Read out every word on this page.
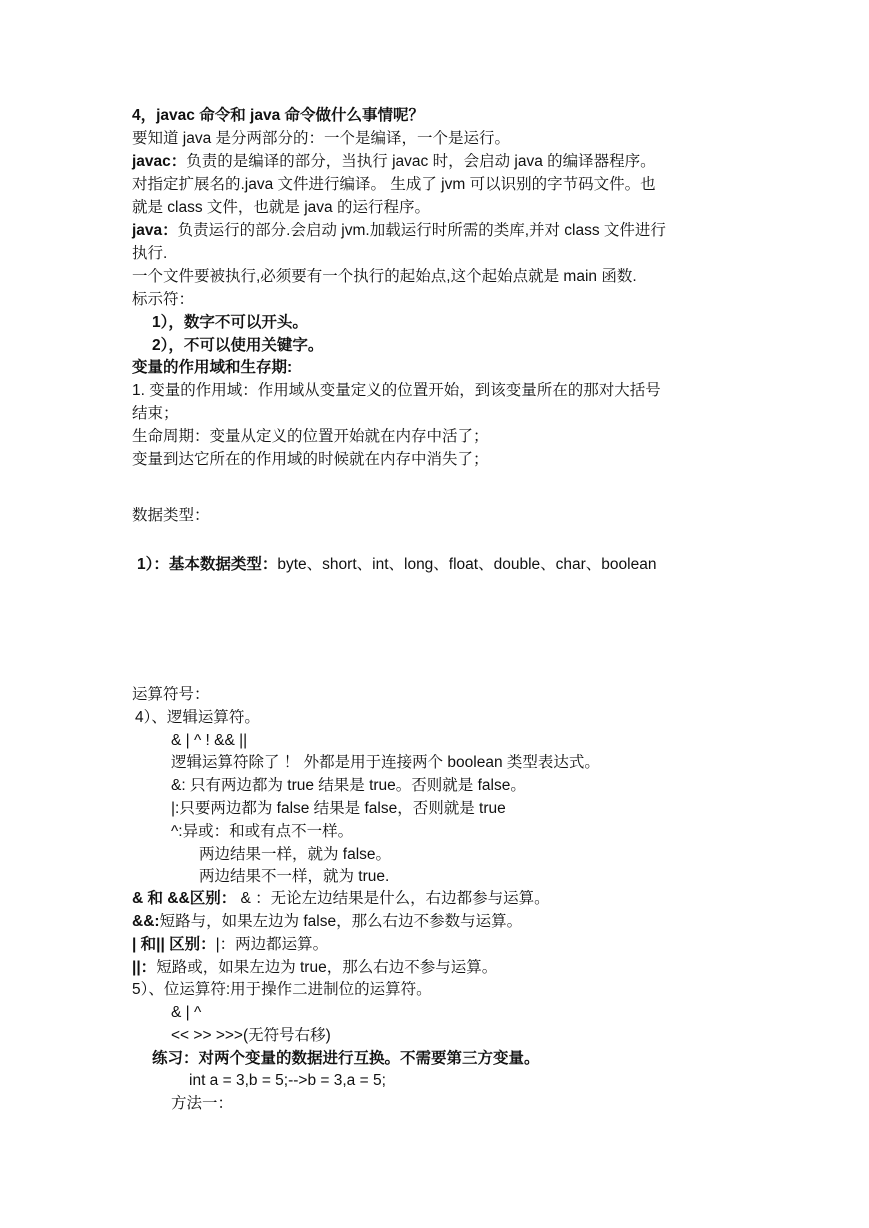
4，javac 命令和 java 命令做什么事情呢？
要知道 java 是分两部分的：一个是编译，一个是运行。
javac：负责的是编译的部分，当执行 javac 时，会启动 java 的编译器程序。
对指定扩展名的.java 文件进行编译。 生成了 jvm 可以识别的字节码文件。也
就是 class 文件，也就是 java 的运行程序。
java：负责运行的部分.会启动 jvm.加载运行时所需的类库,并对 class 文件进行
执行.
一个文件要被执行,必须要有一个执行的起始点,这个起始点就是 main 函数.
标示符：
1），数字不可以开头。
2），不可以使用关键字。
变量的作用域和生存期:
1. 变量的作用域：作用域从变量定义的位置开始，到该变量所在的那对大括号
结束；
生命周期：变量从定义的位置开始就在内存中活了；
变量到达它所在的作用域的时候就在内存中消失了；
数据类型：
1）：基本数据类型：byte、short、int、long、float、double、char、boolean
运算符号：
4）、逻辑运算符。
& | ^ ! && ||
逻辑运算符除了 ！ 外都是用于连接两个 boolean 类型表达式。
&: 只有两边都为 true 结果是 true。否则就是 false。
|:只要两边都为 false 结果是 false，否则就是 true
^:异或：和或有点不一样。
两边结果一样，就为 false。
两边结果不一样，就为 true.
& 和 &&区别： & ：无论左边结果是什么，右边都参与运算。
&&:短路与，如果左边为 false，那么右边不参数与运算。
| 和|| 区别：|：两边都运算。
||：短路或，如果左边为 true，那么右边不参与运算。
5）、位运算符:用于操作二进制位的运算符。
& | ^
<< >> >>>(无符号右移)
练习：对两个变量的数据进行互换。不需要第三方变量。
int a = 3,b = 5;-->b = 3,a = 5;
方法一：
